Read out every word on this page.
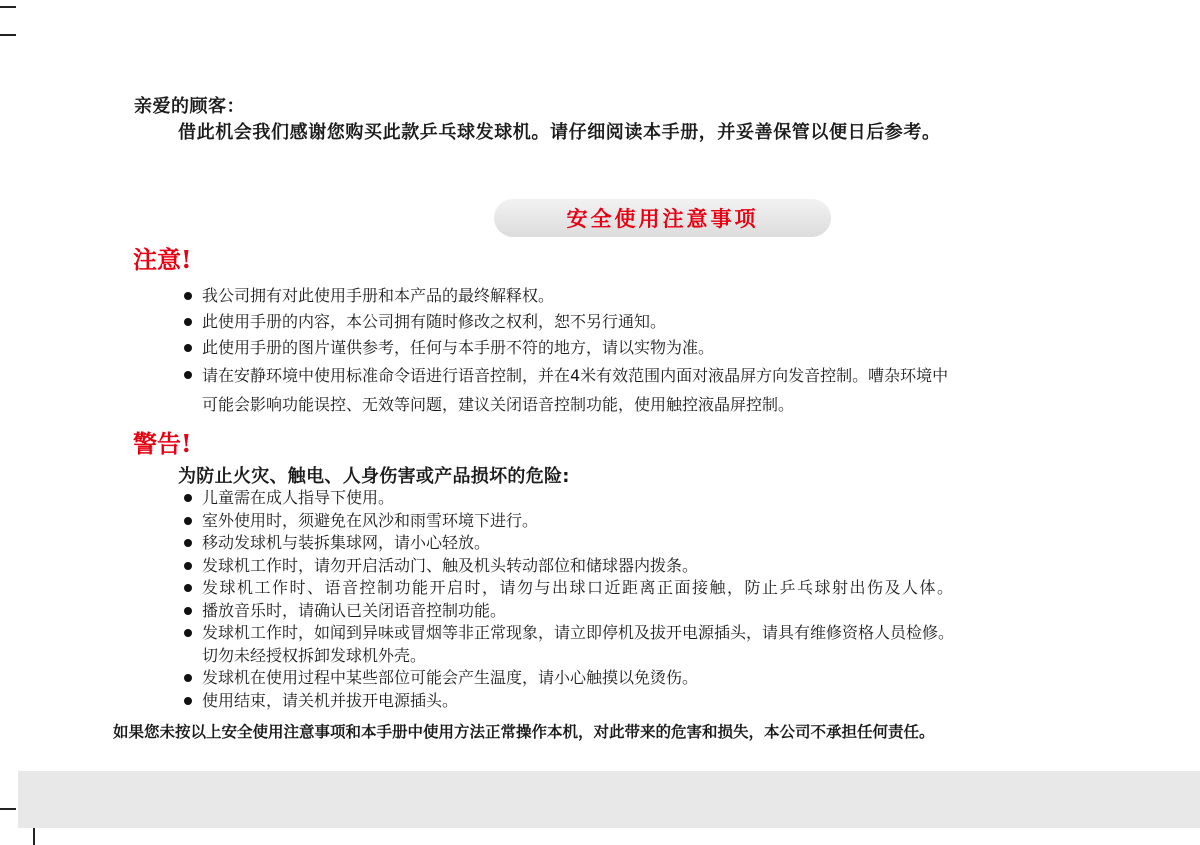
亲爱的顾客：
借此机会我们感谢您购买此款乒乓球发球机。请仔细阅读本手册，并妥善保管以便日后参考。
安全使用注意事项
注意!
我公司拥有对此使用手册和本产品的最终解释权。
此使用手册的内容，本公司拥有随时修改之权利，恕不另行通知。
此使用手册的图片谨供参考，任何与本手册不符的地方，请以实物为准。
请在安静环境中使用标准命令语进行语音控制，并在4米有效范围内面对液晶屏方向发音控制。嘈杂环境中
可能会影响功能误控、无效等问题，建议关闭语音控制功能，使用触控液晶屏控制。
警告!
为防止火灾、触电、人身伤害或产品损坏的危险:
儿童需在成人指导下使用。
室外使用时，须避免在风沙和雨雪环境下进行。
移动发球机与装拆集球网，请小心轻放。
发球机工作时，请勿开启活动门、触及机头转动部位和储球器内拨条。
发球机工作时、语音控制功能开启时，请勿与出球口近距离正面接触，防止乒乓球射出伤及人体。
播放音乐时，请确认已关闭语音控制功能。
发球机工作时，如闻到异味或冒烟等非正常现象，请立即停机及拔开电源插头，请具有维修资格人员检修。
切勿未经授权拆卸发球机外壳。
发球机在使用过程中某些部位可能会产生温度，请小心触摸以免烫伤。
使用结束，请关机并拔开电源插头。
如果您未按以上安全使用注意事项和本手册中使用方法正常操作本机，对此带来的危害和损失，本公司不承担任何责任。
